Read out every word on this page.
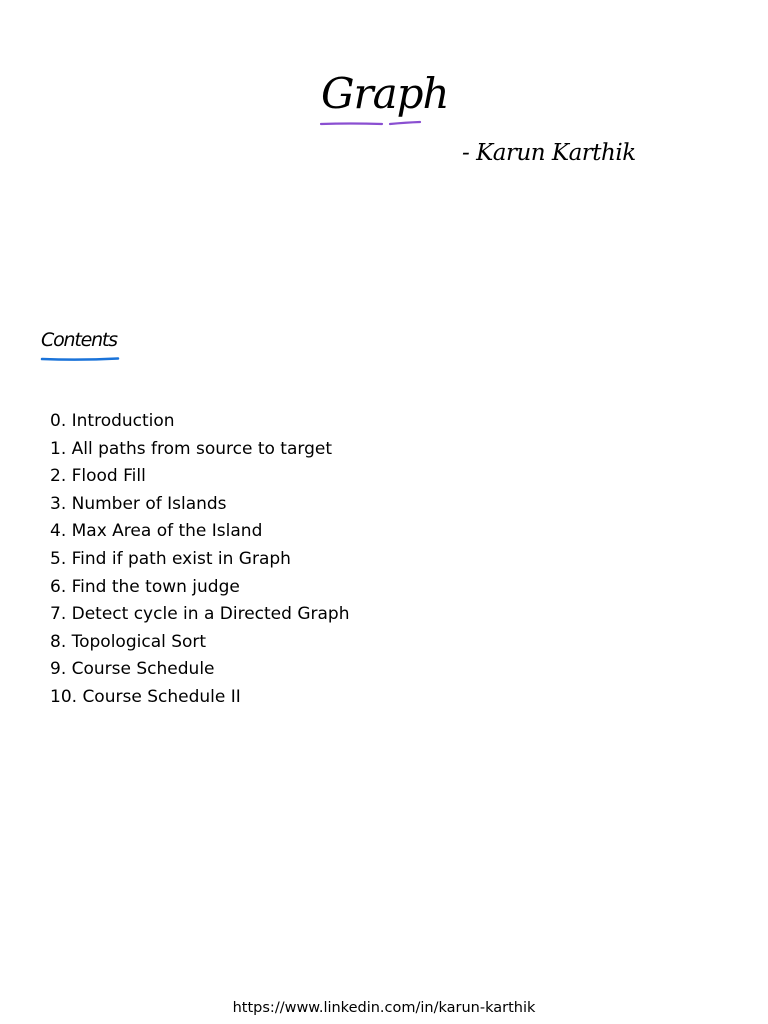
Graph
- Karun Karthik
Contents
0. Introduction
1. All paths from source to target
2. Flood Fill
3. Number of Islands
4. Max Area of the Island
5. Find if path exist in Graph
6. Find the town judge
7. Detect cycle in a Directed Graph
8. Topological Sort
9. Course Schedule
10. Course Schedule II
https://www.linkedin.com/in/karun-karthik
